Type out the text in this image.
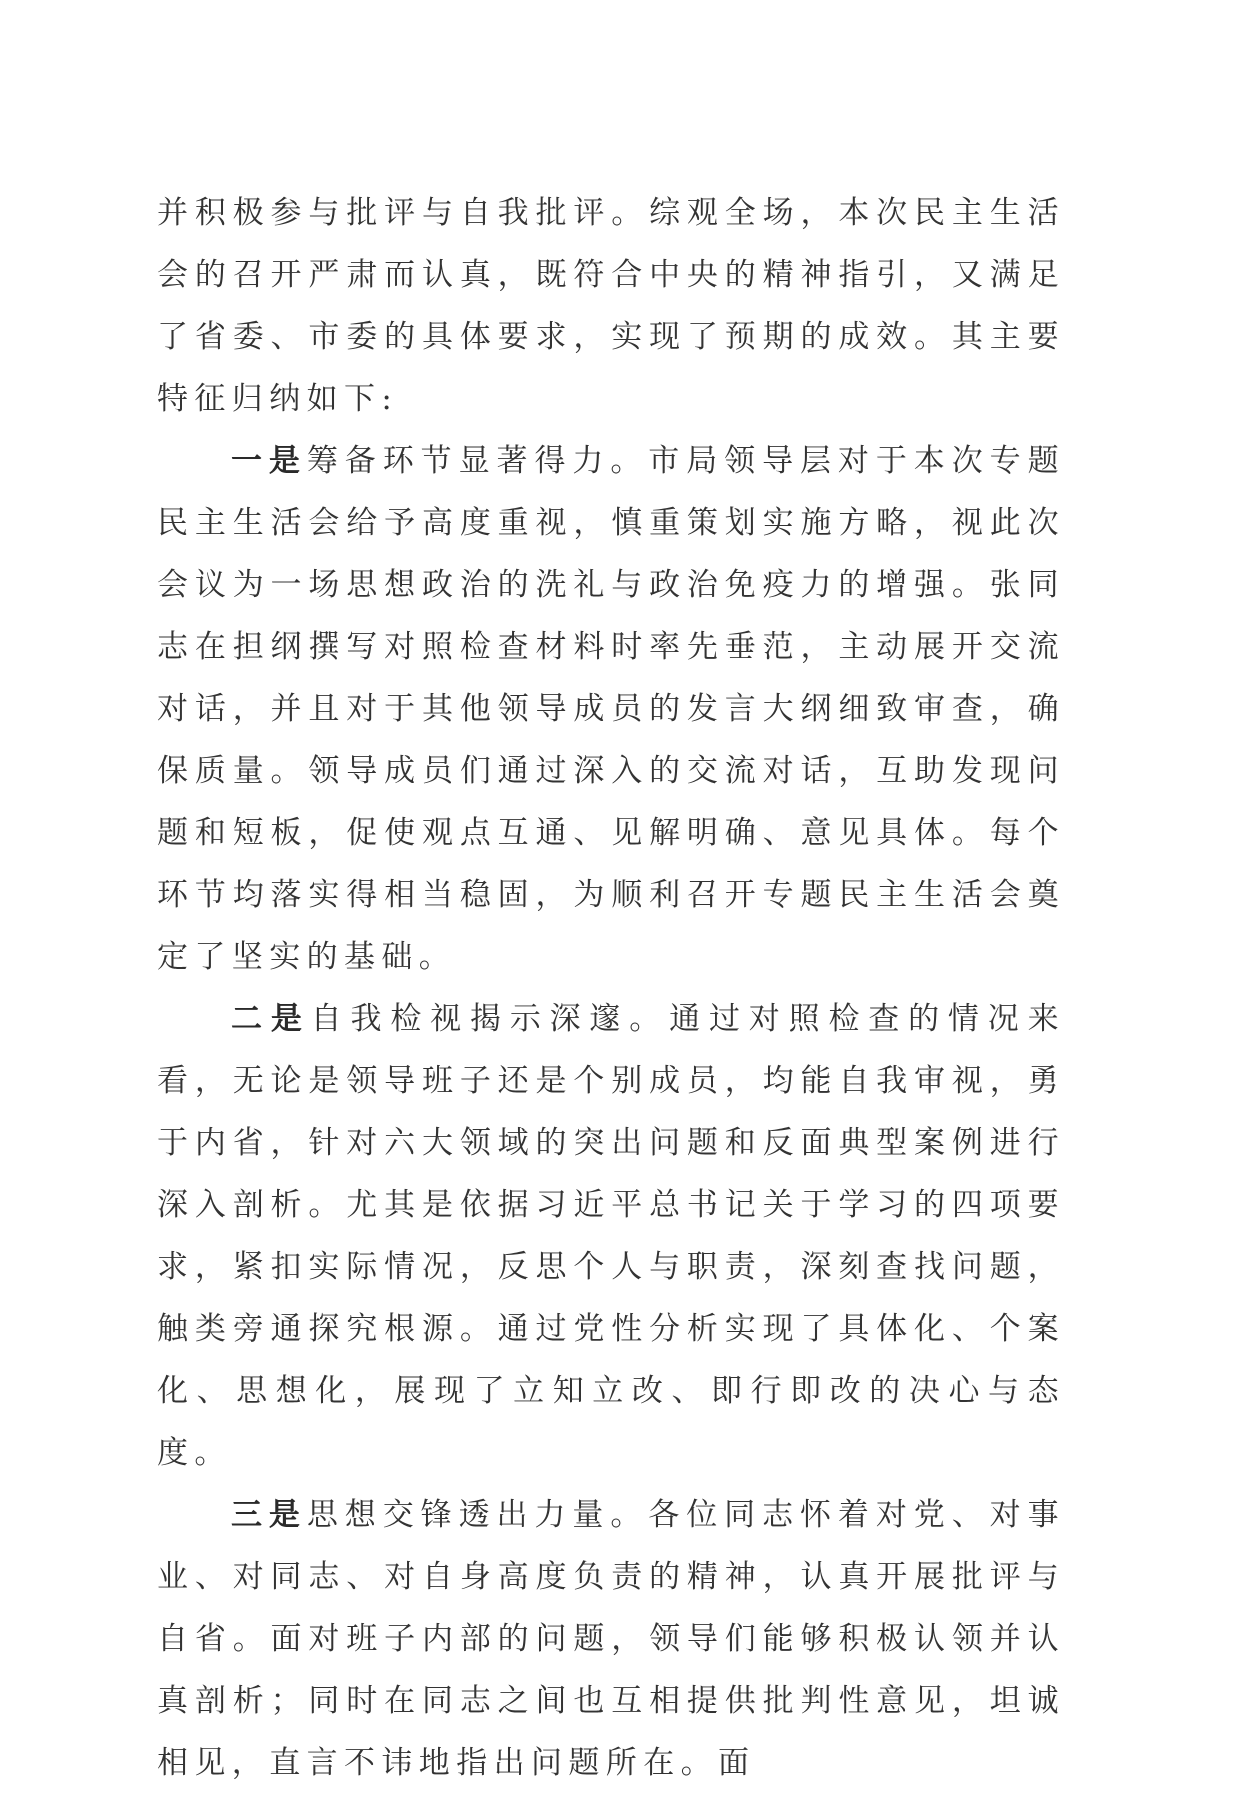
并积极参与批评与自我批评。综观全场，本次民主生活会的召开严肃而认真，既符合中央的精神指引，又满足了省委、市委的具体要求，实现了预期的成效。其主要特征归纳如下:

一是筹备环节显著得力。市局领导层对于本次专题民主生活会给予高度重视，慎重策划实施方略，视此次会议为一场思想政治的洗礼与政治免疫力的增强。张同志在担纲撰写对照检查材料时率先垂范，主动展开交流对话，并且对于其他领导成员的发言大纲细致审查，确保质量。领导成员们通过深入的交流对话，互助发现问题和短板，促使观点互通、见解明确、意见具体。每个环节均落实得相当稳固，为顺利召开专题民主生活会奠定了坚实的基础。

二是自我检视揭示深邃。通过对照检查的情况来看，无论是领导班子还是个别成员，均能自我审视，勇于内省，针对六大领域的突出问题和反面典型案例进行深入剖析。尤其是依据习近平总书记关于学习的四项要求，紧扣实际情况，反思个人与职责，深刻查找问题，触类旁通探究根源。通过党性分析实现了具体化、个案化、思想化，展现了立知立改、即行即改的决心与态度。

三是思想交锋透出力量。各位同志怀着对党、对事业、对同志、对自身高度负责的精神，认真开展批评与自省。面对班子内部的问题，领导们能够积极认领并认真剖析；同时在同志之间也互相提供批判性意见，坦诚相见，直言不讳地指出问题所在。面
